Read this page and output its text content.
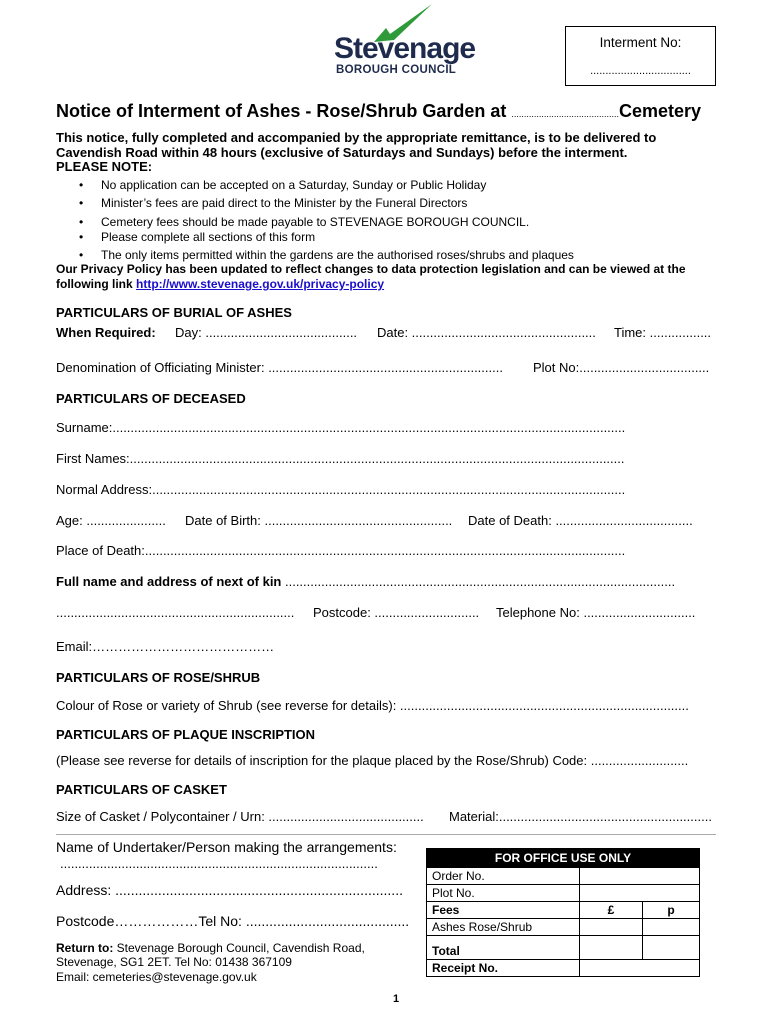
Stevenage
BOROUGH COUNCIL
Interment No:
.................................
Notice of Interment of Ashes - Rose/Shrub Garden at ...........................................Cemetery
This notice, fully completed and accompanied by the appropriate remittance, is to be delivered to
Cavendish Road within 48 hours (exclusive of Saturdays and Sundays) before the interment.
PLEASE NOTE:
• No application can be accepted on a Saturday, Sunday or Public Holiday
• Minister’s fees are paid direct to the Minister by the Funeral Directors
• Cemetery fees should be made payable to STEVENAGE BOROUGH COUNCIL.
• Please complete all sections of this form
• The only items permitted within the gardens are the authorised roses/shrubs and plaques
Our Privacy Policy has been updated to reflect changes to data protection legislation and can be viewed at the
following link http://www.stevenage.gov.uk/privacy-policy
PARTICULARS OF BURIAL OF ASHES
When Required: Day: .......................................... Date: ................................................... Time: .................
Denomination of Officiating Minister: ................................................................. Plot No:....................................
PARTICULARS OF DECEASED
Surname:..............................................................................................................................................
First Names:.........................................................................................................................................
Normal Address:...................................................................................................................................
Age: ...................... Date of Birth: .................................................... Date of Death: ......................................
Place of Death:.....................................................................................................................................
Full name and address of next of kin ............................................................................................................
.................................................................. Postcode: ............................. Telephone No: ...............................
Email:……………………………………
PARTICULARS OF ROSE/SHRUB
Colour of Rose or variety of Shrub (see reverse for details): ................................................................................
PARTICULARS OF PLAQUE INSCRIPTION
(Please see reverse for details of inscription for the plaque placed by the Rose/Shrub) Code: ...........................
PARTICULARS OF CASKET
Size of Casket / Polycontainer / Urn: ........................................... Material:...........................................................
Name of Undertaker/Person making the arrangements:
........................................................................................
Address: ..........................................................................
Postcode………………Tel No: ..........................................
Return to: Stevenage Borough Council, Cavendish Road,
Stevenage, SG1 2ET. Tel No: 01438 367109
Email: cemeteries@stevenage.gov.uk
FOR OFFICE USE ONLY		
Order No.		
Plot No.		
Fees	£	p
Ashes Rose/Shrub		
Total		
Receipt No.		
1
